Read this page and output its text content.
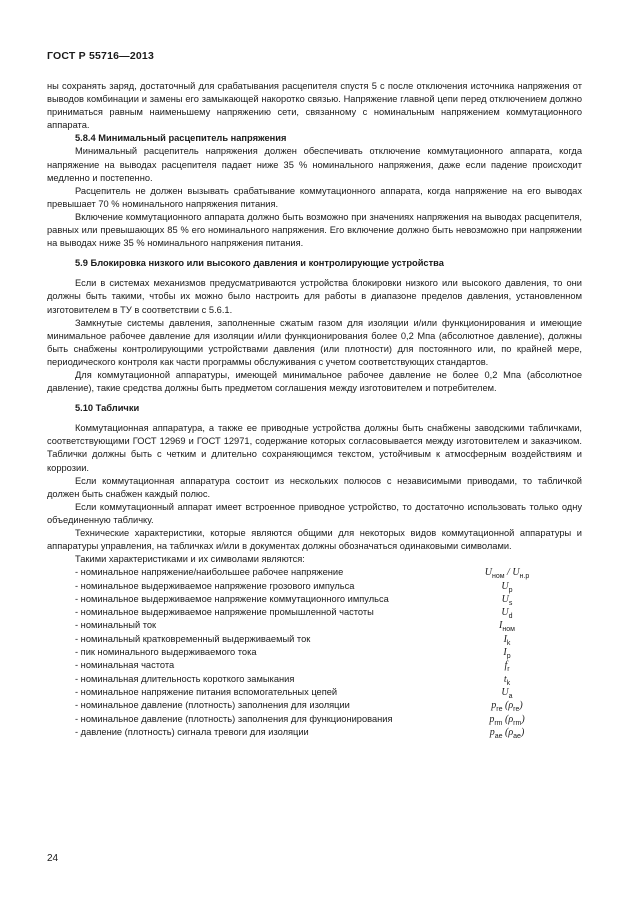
ГОСТ Р 55716—2013

ны сохранять заряд, достаточный для срабатывания расцепителя спустя 5 с после отключения источника напряжения от выводов комбинации и замены его замыкающей накоротко связью. Напряжение главной цепи перед отключением должно приниматься равным наименьшему напряжению сети, связанному с номинальным напряжением коммутационного аппарата.

5.8.4 Минимальный расцепитель напряжения

Минимальный расцепитель напряжения должен обеспечивать отключение коммутационного аппарата, когда напряжение на выводах расцепителя падает ниже 35 % номинального напряжения, даже если падение происходит медленно и постепенно.

Расцепитель не должен вызывать срабатывание коммутационного аппарата, когда напряжение на его выводах превышает 70 % номинального напряжения питания.

Включение коммутационного аппарата должно быть возможно при значениях напряжения на выводах расцепителя, равных или превышающих 85 % его номинального напряжения. Его включение должно быть невозможно при напряжении на выводах ниже 35 % номинального напряжения питания.

5.9 Блокировка низкого или высокого давления и контролирующие устройства

Если в системах механизмов предусматриваются устройства блокировки низкого или высокого давления, то они должны быть такими, чтобы их можно было настроить для работы в диапазоне пределов давления, установленном изготовителем в ТУ в соответствии с 5.6.1.

Замкнутые системы давления, заполненные сжатым газом для изоляции и/или функционирования и имеющие минимальное рабочее давление для изоляции и/или функционирования более 0,2 Мпа (абсолютное давление), должны быть снабжены контролирующими устройствами давления (или плотности) для постоянного или, по крайней мере, периодического контроля как части программы обслуживания с учетом соответствующих стандартов.

Для коммутационной аппаратуры, имеющей минимальное рабочее давление не более 0,2 Мпа (абсолютное давление), такие средства должны быть предметом соглашения между изготовителем и потребителем.

5.10 Таблички

Коммутационная аппаратура, а также ее приводные устройства должны быть снабжены заводскими табличками, соответствующими ГОСТ 12969 и ГОСТ 12971, содержание которых согласовывается между изготовителем и заказчиком. Таблички должны быть с четким и длительно сохраняющимся текстом, устойчивым к атмосферным воздействиям и коррозии.

Если коммутационная аппаратура состоит из нескольких полюсов с независимыми приводами, то табличкой должен быть снабжен каждый полюс.

Если коммутационный аппарат имеет встроенное приводное устройство, то достаточно использовать только одну объединенную табличку.

Технические характеристики, которые являются общими для некоторых видов коммутационной аппаратуры и аппаратуры управления, на табличках и/или в документах должны обозначаться одинаковыми символами.

Такими характеристиками и их символами являются:

- номинальное напряжение/наибольшее рабочее напряжение	$U_{ном} / U_{н.р}$
- номинальное выдерживаемое напряжение грозового импульса	$U_p$
- номинальное выдерживаемое напряжение коммутационного импульса	$U_s$
- номинальное выдерживаемое напряжение промышленной частоты	$U_d$
- номинальный ток	$I_{ном}$
- номинальный кратковременный выдерживаемый ток	$I_k$
- пик номинального выдерживаемого тока	$I_p$
- номинальная частота	$f_r$
- номинальная длительность короткого замыкания	$t_k$
- номинальное напряжение питания вспомогательных цепей	$U_a$
- номинальное давление (плотность) заполнения для изоляции	$p_{re}$ $(\rho_{re})$
- номинальное давление (плотность) заполнения для функционирования	$p_{rm}$ $(\rho_{rm})$
- давление (плотность) сигнала тревоги для изоляции	$p_{ae}$ $(\rho_{ae})$
24
